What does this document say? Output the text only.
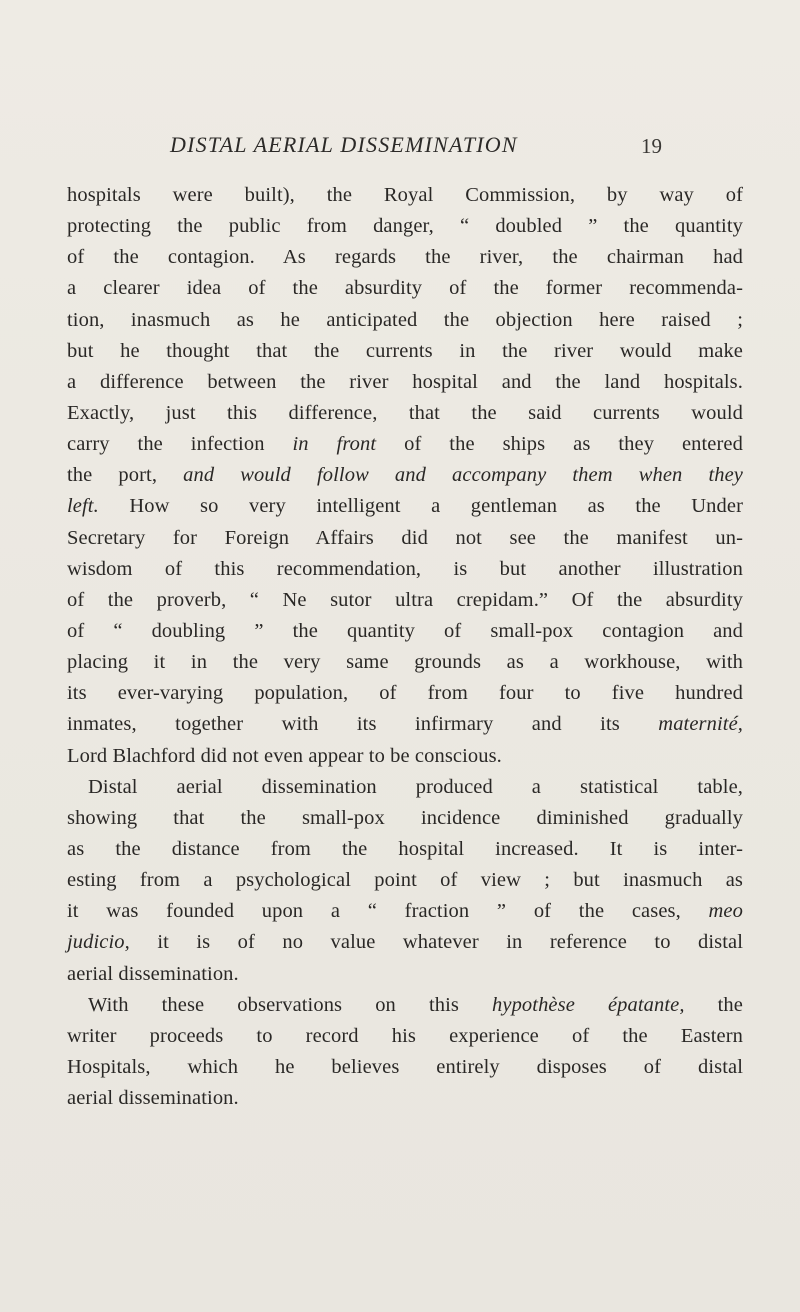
DISTAL AERIAL DISSEMINATION	19
hospitals were built), the Royal Commission, by way of
protecting the public from danger, “ doubled ” the quantity
of the contagion. As regards the river, the chairman had
a clearer idea of the absurdity of the former recommenda-
tion, inasmuch as he anticipated the objection here raised ;
but he thought that the currents in the river would make
a difference between the river hospital and the land hospitals.
Exactly, just this difference, that the said currents would
carry the infection in front of the ships as they entered
the port, and would follow and accompany them when they
left. How so very intelligent a gentleman as the Under
Secretary for Foreign Affairs did not see the manifest un-
wisdom of this recommendation, is but another illustration
of the proverb, “ Ne sutor ultra crepidam.” Of the absurdity
of “ doubling ” the quantity of small-pox contagion and
placing it in the very same grounds as a workhouse, with
its ever-varying population, of from four to five hundred
inmates, together with its infirmary and its maternité,
Lord Blachford did not even appear to be conscious.
Distal aerial dissemination produced a statistical table,
showing that the small-pox incidence diminished gradually
as the distance from the hospital increased. It is inter-
esting from a psychological point of view ; but inasmuch as
it was founded upon a “ fraction ” of the cases, meo
judicio, it is of no value whatever in reference to distal
aerial dissemination.
With these observations on this hypothèse épatante, the
writer proceeds to record his experience of the Eastern
Hospitals, which he believes entirely disposes of distal
aerial dissemination.
